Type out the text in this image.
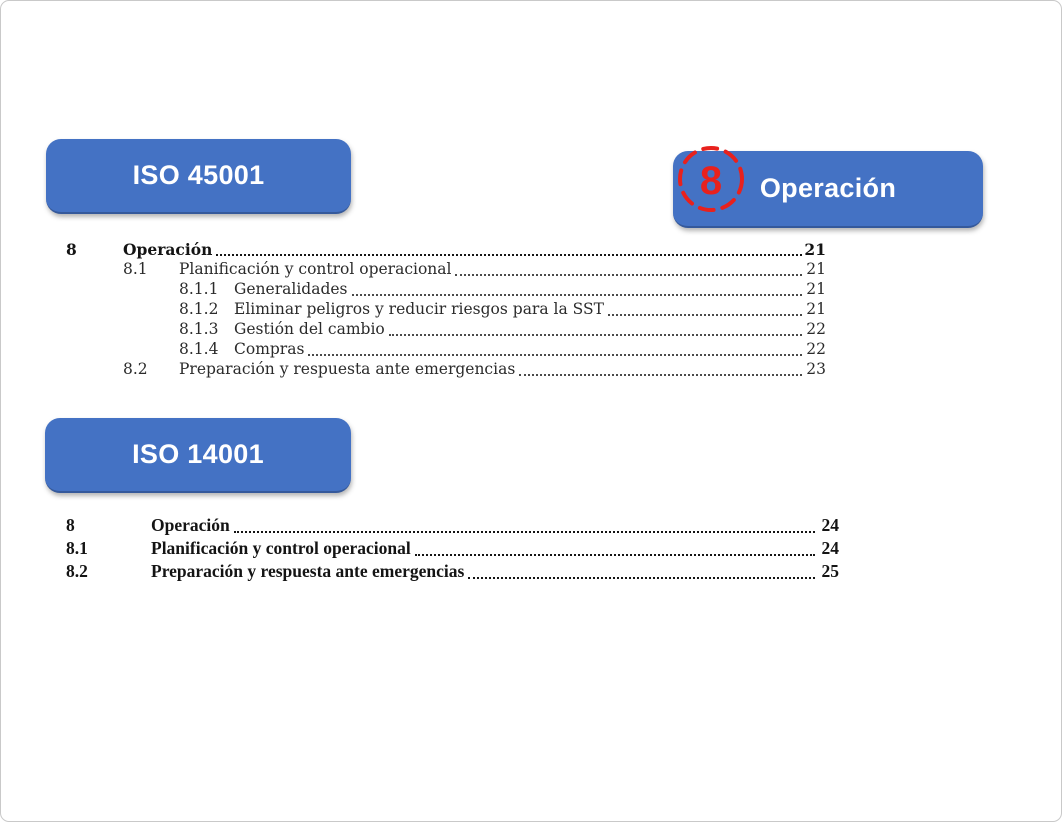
ISO 45001	Operación
8
8	Operación	21
8.1	Planificación y control operacional	21
8.1.1	Generalidades	21
8.1.2	Eliminar peligros y reducir riesgos para la SST	21
8.1.3	Gestión del cambio	22
8.1.4	Compras	22
8.2	Preparación y respuesta ante emergencias	23
ISO 14001
8	Operación	24
8.1	Planificación y control operacional	24
8.2	Preparación y respuesta ante emergencias	25
